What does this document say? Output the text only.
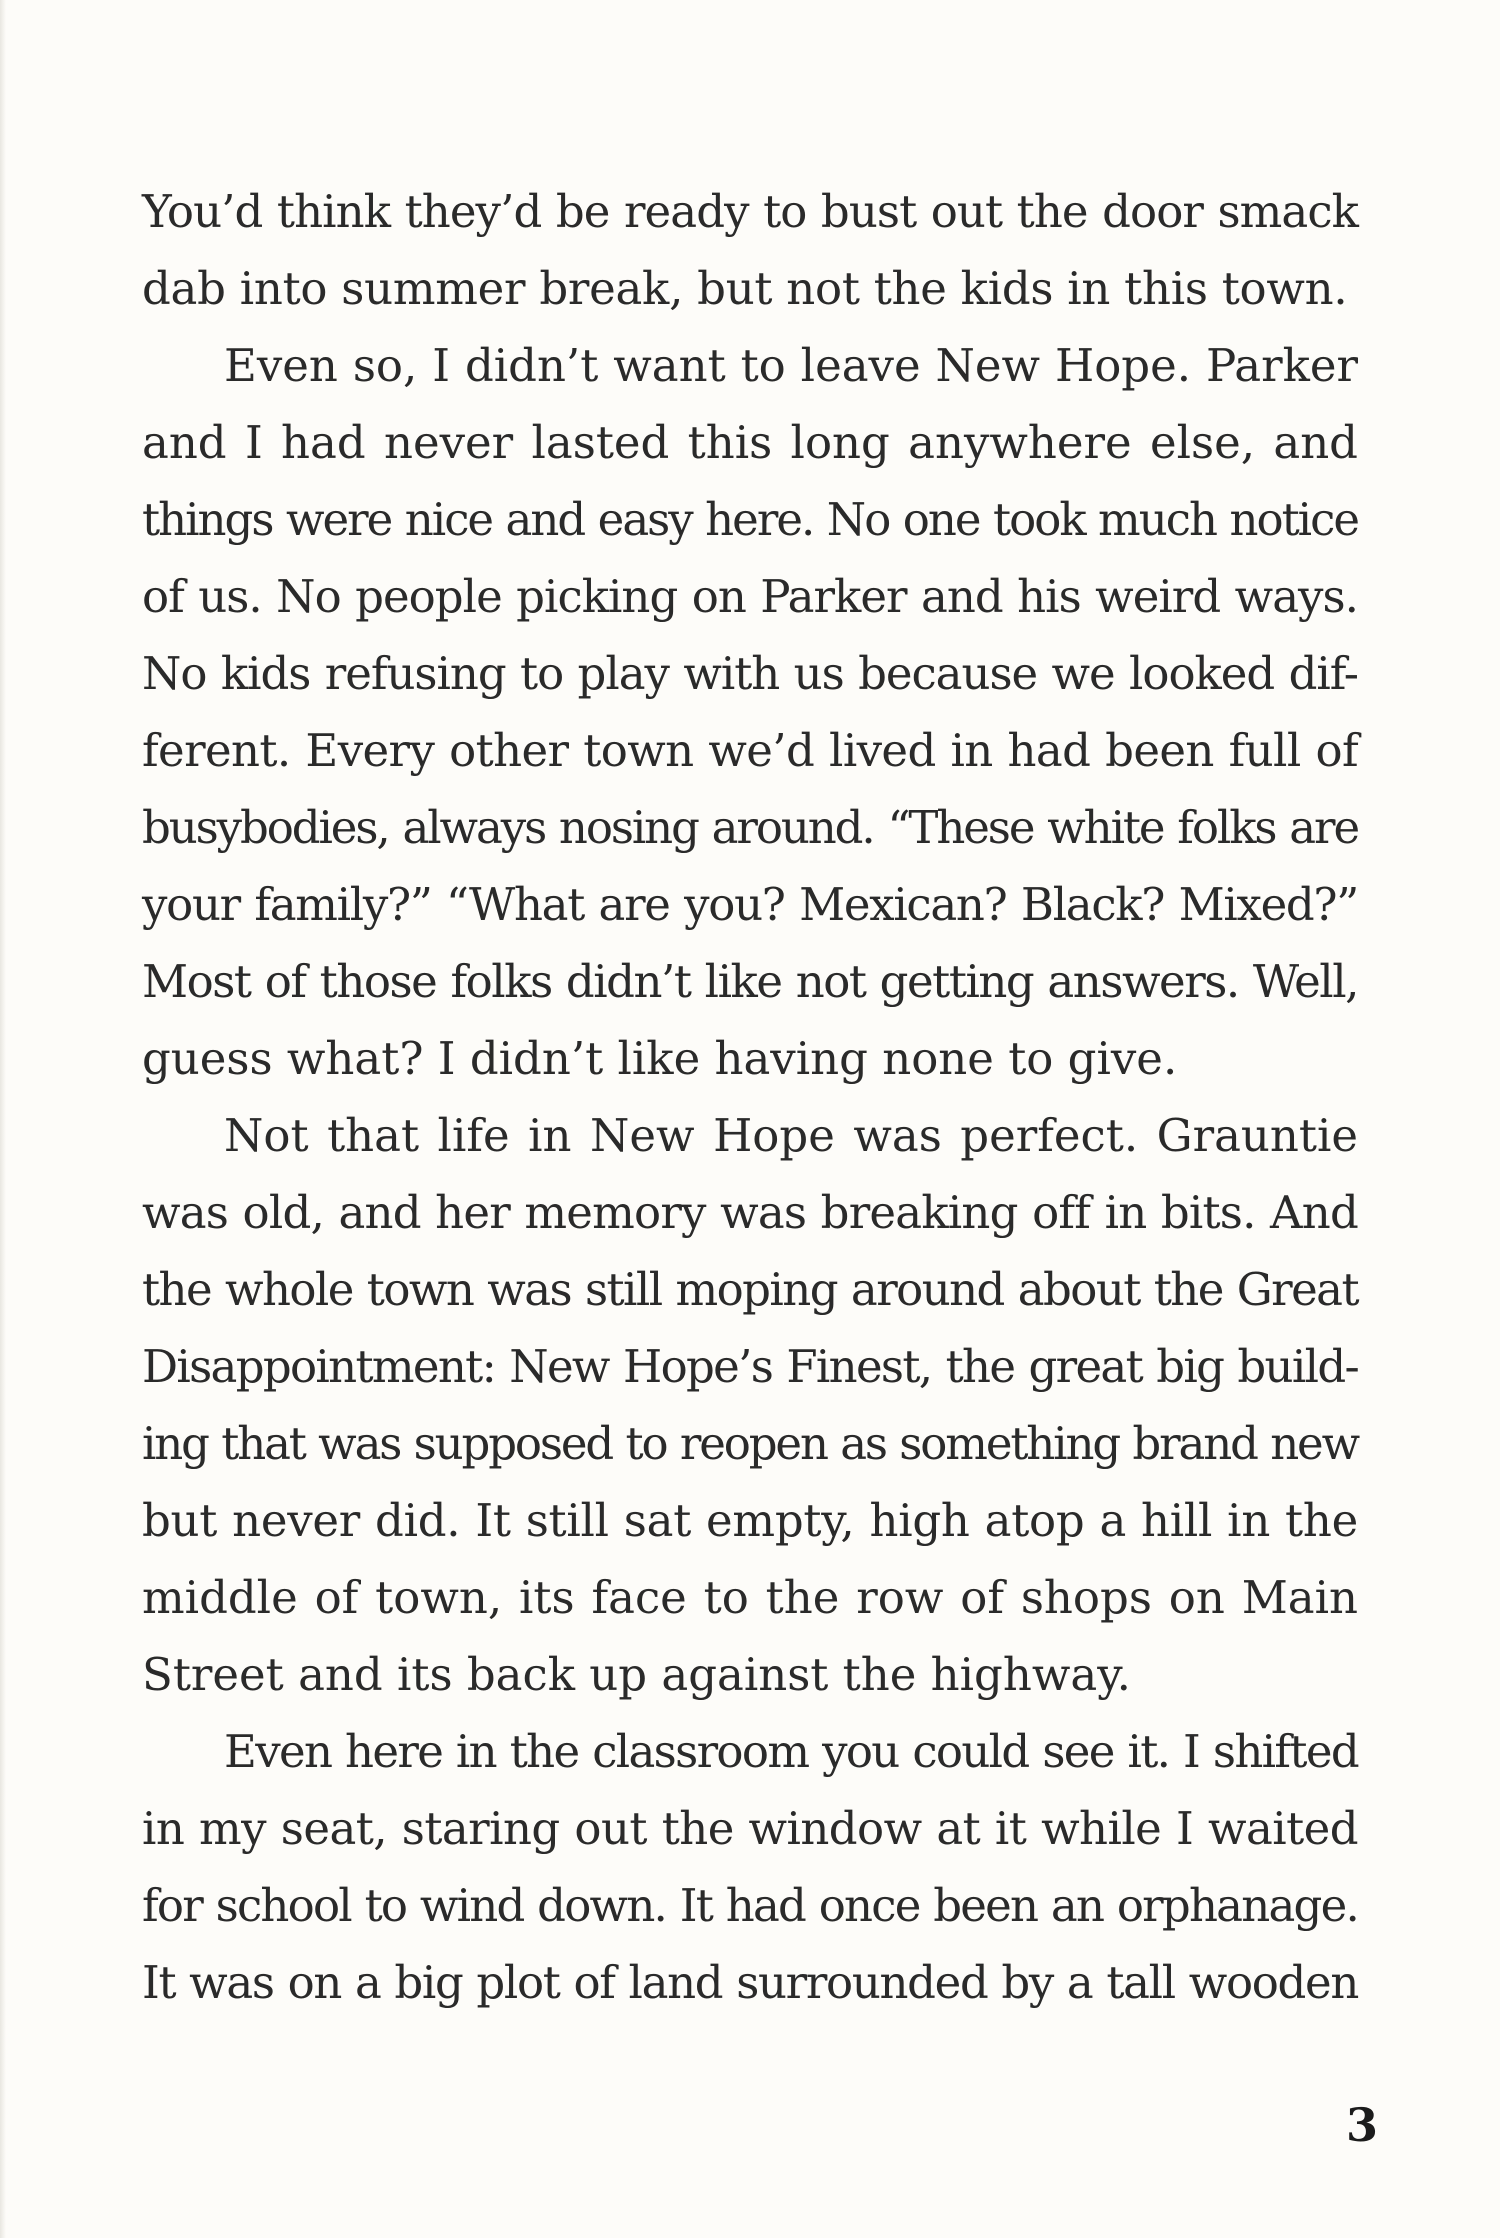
You’d think they’d be ready to bust out the door smack
dab into summer break, but not the kids in this town.
Even so, I didn’t want to leave New Hope. Parker
and I had never lasted this long anywhere else, and
things were nice and easy here. No one took much notice
of us. No people picking on Parker and his weird ways.
No kids refusing to play with us because we looked dif-
ferent. Every other town we’d lived in had been full of
busybodies, always nosing around. “These white folks are
your family?” “What are you? Mexican? Black? Mixed?”
Most of those folks didn’t like not getting answers. Well,
guess what? I didn’t like having none to give.
Not that life in New Hope was perfect. Grauntie
was old, and her memory was breaking off in bits. And
the whole town was still moping around about the Great
Disappointment: New Hope’s Finest, the great big build-
ing that was supposed to reopen as something brand new
but never did. It still sat empty, high atop a hill in the
middle of town, its face to the row of shops on Main
Street and its back up against the highway.
Even here in the classroom you could see it. I shifted
in my seat, staring out the window at it while I waited
for school to wind down. It had once been an orphanage.
It was on a big plot of land surrounded by a tall wooden
3
